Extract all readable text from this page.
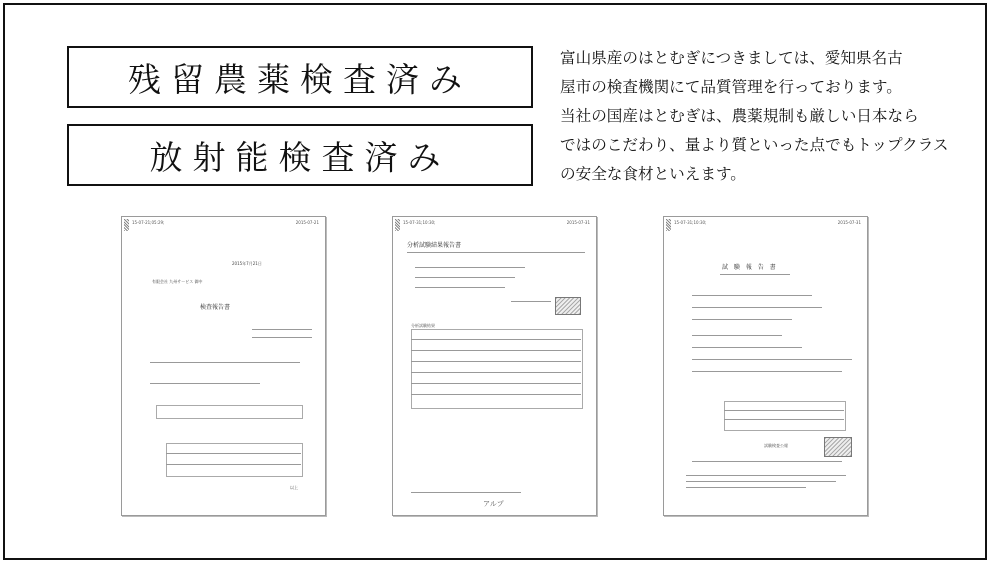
残留農薬検査済み
放射能検査済み

富山県産のはとむぎにつきましては、愛知県名古

屋市の検査機関にて品質管理を行っております。

当社の国産はとむぎは、農薬規制も厳しい日本なら

ではのこだわり、量より質といった点でもトップクラス

の安全な食材といえます。

15-07-21;05:29;	2015-07-21
2015年7月21日
有限会社 九州サービス 御中
検査報告書
以上
15-07-31;10:30;	2015-07-31
分析試験結果報告書
分析試験結果
アルプ
15-07-31;10:30;	2015-07-31
試 験 報 告 書
試験検査公報
